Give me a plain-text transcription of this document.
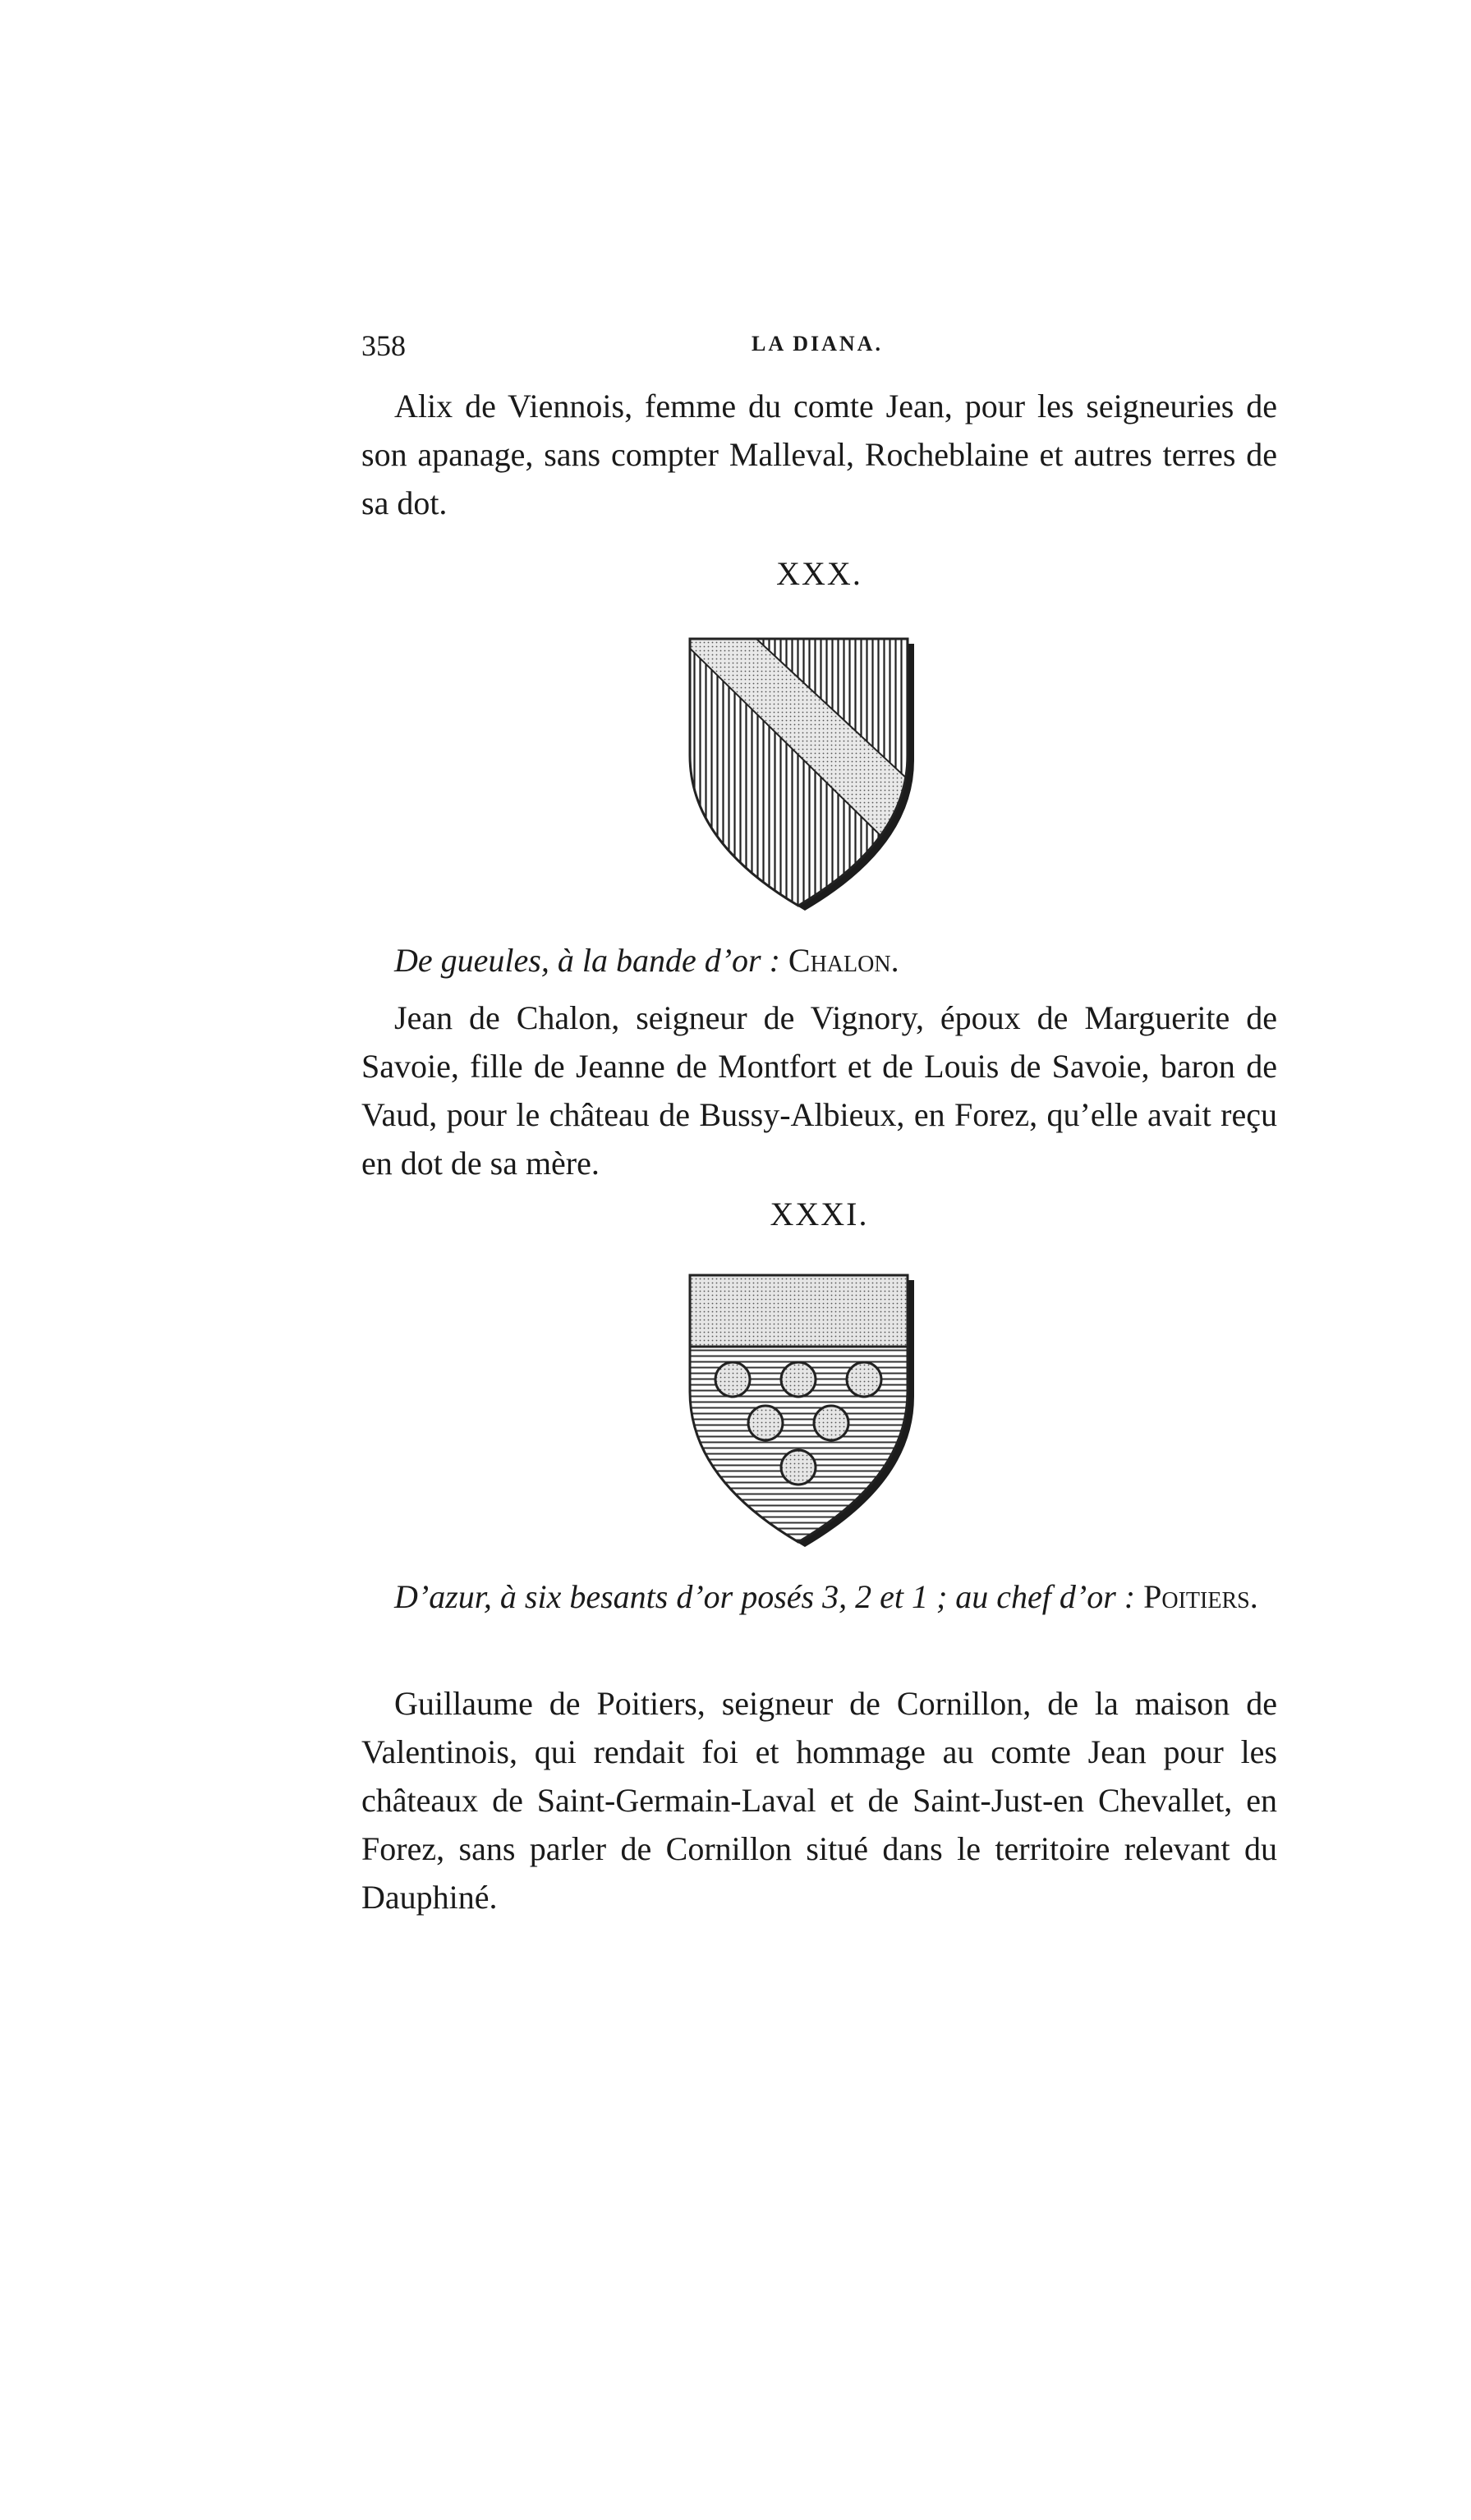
358	LA DIANA.

Alix de Viennois, femme du comte Jean, pour les seigneuries de son apanage, sans compter Malleval, Rocheblaine et autres terres de sa dot.

XXX.

De gueules, à la bande d’or : Chalon.

Jean de Chalon, seigneur de Vignory, époux de Marguerite de Savoie, fille de Jeanne de Montfort et de Louis de Savoie, baron de Vaud, pour le château de Bussy-Albieux, en Forez, qu’elle avait reçu en dot de sa mère.

XXXI.

D’azur, à six besants d’or posés 3, 2 et 1 ; au chef d’or : Poitiers.

Guillaume de Poitiers, seigneur de Cornillon, de la maison de Valentinois, qui rendait foi et hommage au comte Jean pour les châteaux de Saint-Germain-Laval et de Saint-Just-en Chevallet, en Forez, sans parler de Cornillon situé dans le territoire relevant du Dauphiné.
